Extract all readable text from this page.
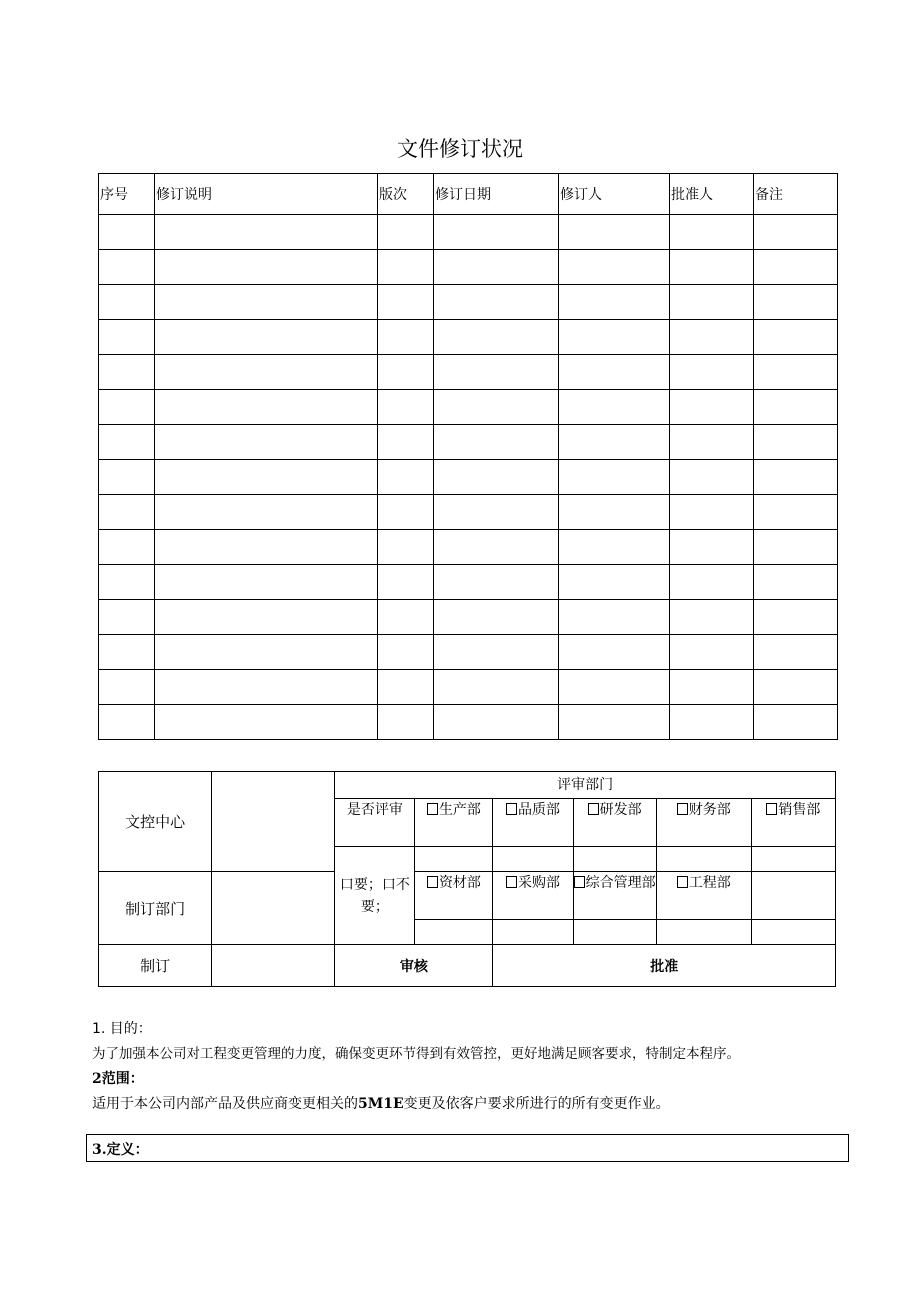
文件修订状况
序号	修订说明	版次	修订日期	修订人	批准人	备注

文控中心		评审部门					
		是否评审	生产部	品质部	研发部	财务部	销售部
		口要；口不要；					
制订部门			资材部	采购部	综合管理部	工程部	

制订		审核		批准			
1. 目的：
为了加强本公司对工程变更管理的力度，确保变更环节得到有效管控，更好地满足顾客要求，特制定本程序。
2范围：
适用于本公司内部产品及供应商变更相关的5M1E变更及依客户要求所进行的所有变更作业。
3.定义：
